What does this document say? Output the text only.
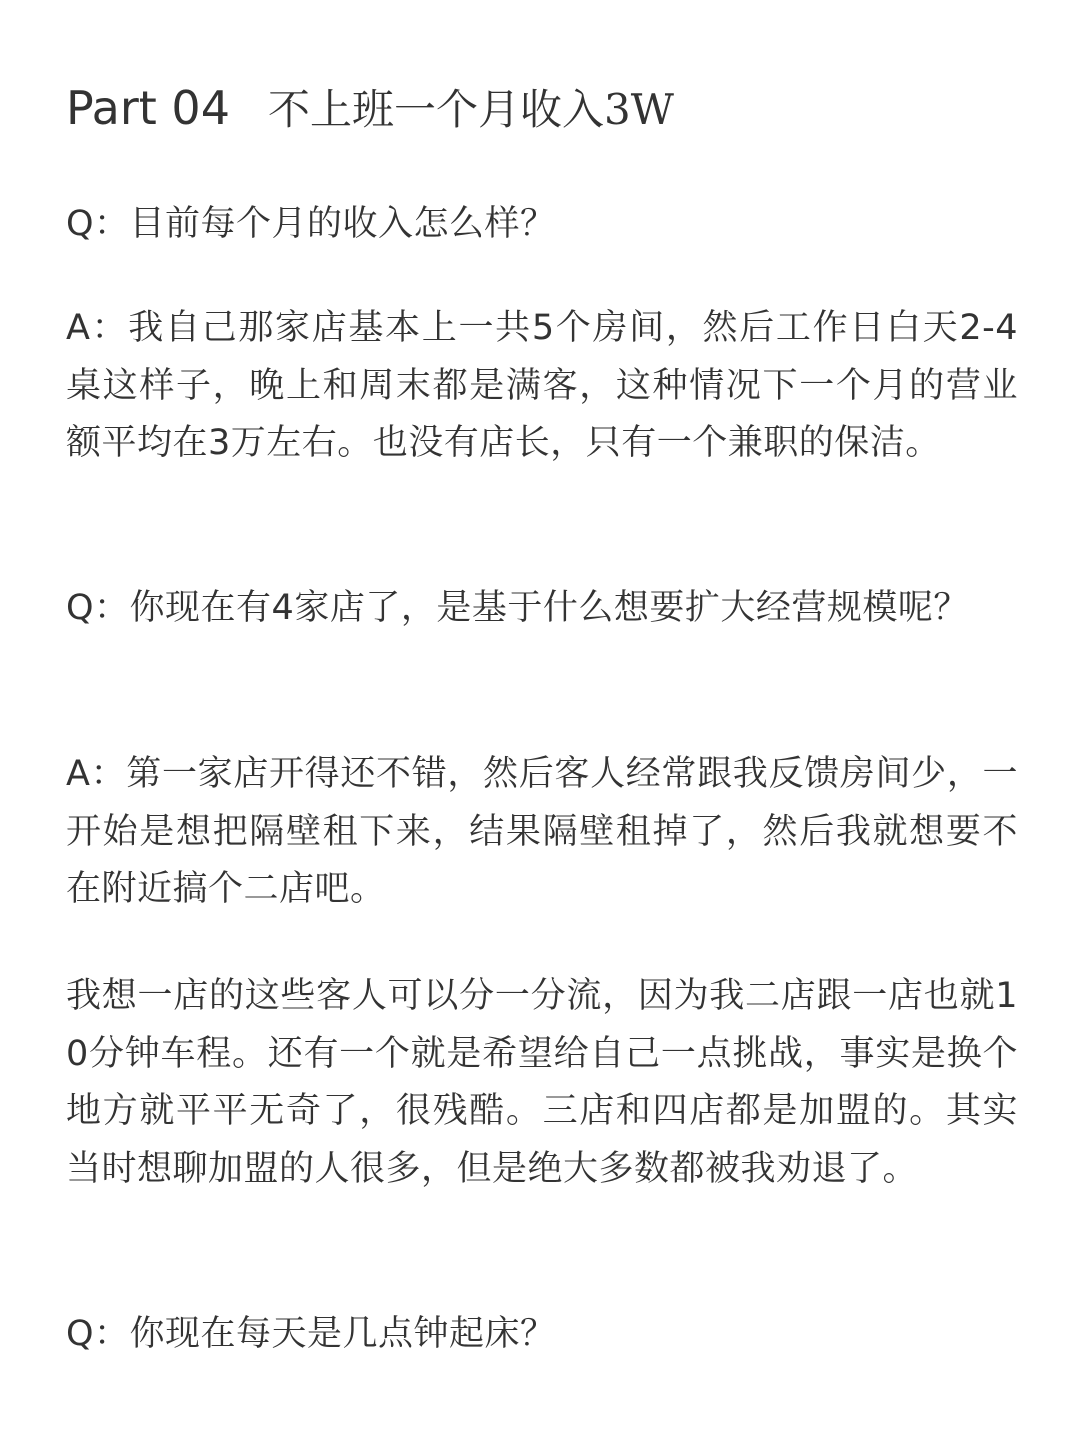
Part 04 不上班一个月收入3W

Q：目前每个月的收入怎么样？

A：我自己那家店基本上一共5个房间，然后工作日白天2-4桌这样子，晚上和周末都是满客，这种情况下一个月的营业额平均在3万左右。也没有店长，只有一个兼职的保洁。

Q：你现在有4家店了，是基于什么想要扩大经营规模呢？

A：第一家店开得还不错，然后客人经常跟我反馈房间少，一开始是想把隔壁租下来，结果隔壁租掉了，然后我就想要不在附近搞个二店吧。

我想一店的这些客人可以分一分流，因为我二店跟一店也就10分钟车程。还有一个就是希望给自己一点挑战，事实是换个地方就平平无奇了，很残酷。三店和四店都是加盟的。其实当时想聊加盟的人很多，但是绝大多数都被我劝退了。

Q：你现在每天是几点钟起床？
